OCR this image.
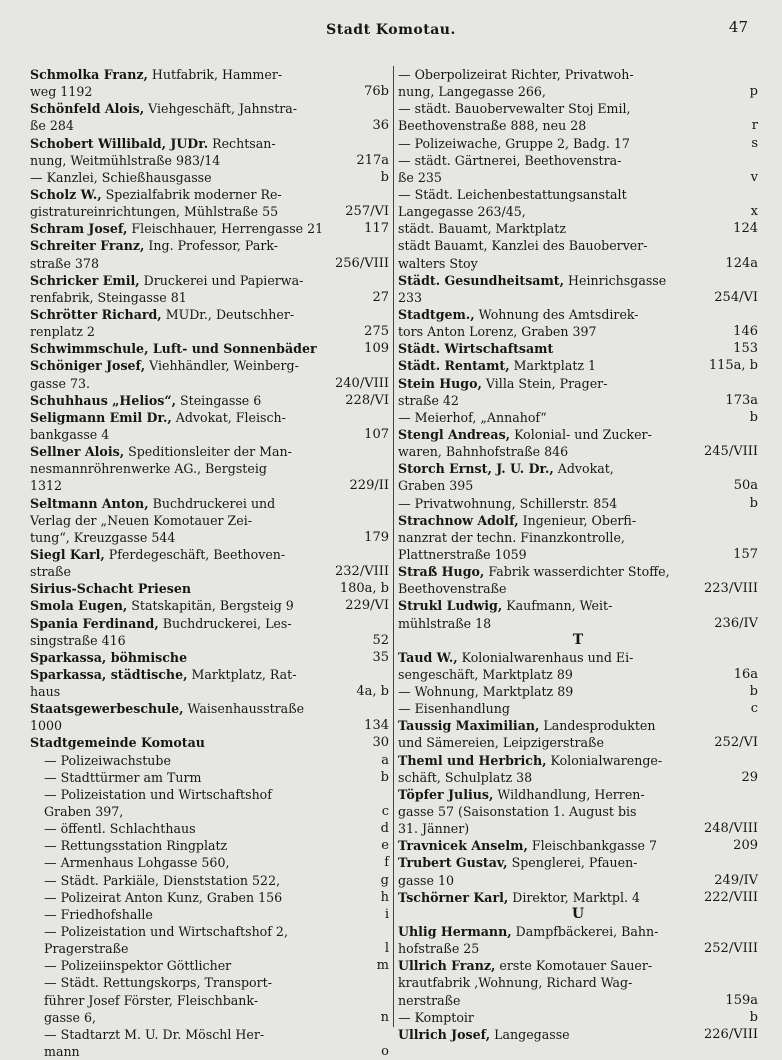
Stadt Komotau.	47
Schmolka Franz, Hutfabrik, Hammer-
weg 1192	76b
Schönfeld Alois, Viehgeschäft, Jahnstra-
ße 284	36
Schobert Willibald, JUDr. Rechtsan-
nung, Weitmühlstraße 983/14	217a
— Kanzlei, Schießhausgasse	b
Scholz W., Spezialfabrik moderner Re-
gistratureinrichtungen, Mühlstraße 55	257/VI
Schram Josef, Fleischhauer, Herrengasse 21	117
Schreiter Franz, Ing. Professor, Park-
straße 378	256/VIII
Schricker Emil, Druckerei und Papierwa-
renfabrik, Steingasse 81	27
Schrötter Richard, MUDr., Deutschher-
renplatz 2	275
Schwimmschule, Luft- und Sonnenbäder	109
Schöniger Josef, Viehhändler, Weinberg-
gasse 73.	240/VIII
Schuhhaus „Helios“, Steingasse 6	228/VI
Seligmann Emil Dr., Advokat, Fleisch-
bankgasse 4	107
Sellner Alois, Speditionsleiter der Man-
nesmannröhrenwerke AG., Bergsteig
1312	229/II
Seltmann Anton, Buchdruckerei und
Verlag der „Neuen Komotauer Zei-
tung“, Kreuzgasse 544	179
Siegl Karl, Pferdegeschäft, Beethoven-
straße	232/VIII
Sirius-Schacht Priesen	180a, b
Smola Eugen, Statskapitän, Bergsteig 9	229/VI
Spania Ferdinand, Buchdruckerei, Les-
singstraße 416	52
Sparkassa, böhmische	35
Sparkassa, städtische, Marktplatz, Rat-
haus	4a, b
Staatsgewerbeschule, Waisenhausstraße
1000	134
Stadtgemeinde Komotau	30
— Polizeiwachstube	a
— Stadttürmer am Turm	b
— Polizeistation und Wirtschaftshof
Graben 397,	c
— öffentl. Schlachthaus	d
— Rettungsstation Ringplatz	e
— Armenhaus Lohgasse 560,	f
— Städt. Parkiäle, Dienststation 522,	g
— Polizeirat Anton Kunz, Graben 156	h
— Friedhofshalle	i
— Polizeistation und Wirtschaftshof 2,
Pragerstraße	l
— Polizeiinspektor Göttlicher	m
— Städt. Rettungskorps, Transport-
führer Josef Förster, Fleischbank-
gasse 6,	n
— Stadtarzt M. U. Dr. Möschl Her-
mann	o
— Oberpolizeirat Richter, Privatwoh-
nung, Langegasse 266,	p
— städt. Bauobervewalter Stoj Emil,
Beethovenstraße 888, neu 28	r
— Polizeiwache, Gruppe 2, Badg. 17	s
— städt. Gärtnerei, Beethovenstra-
ße 235	v
— Städt. Leichenbestattungsanstalt
Langegasse 263/45,	x
städt. Bauamt, Marktplatz	124
städt Bauamt, Kanzlei des Bauoberver-
walters Stoy	124a
Städt. Gesundheitsamt, Heinrichsgasse
233	254/VI
Stadtgem., Wohnung des Amtsdirek-
tors Anton Lorenz, Graben 397	146
Städt. Wirtschaftsamt	153
Städt. Rentamt, Marktplatz 1	115a, b
Stein Hugo, Villa Stein, Prager-
straße 42	173a
— Meierhof, „Annahof“	b
Stengl Andreas, Kolonial- und Zucker-
waren, Bahnhofstraße 846	245/VIII
Storch Ernst, J. U. Dr., Advokat,
Graben 395	50a
— Privatwohnung, Schillerstr. 854	b
Strachnow Adolf, Ingenieur, Oberfi-
nanzrat der techn. Finanzkontrolle,
Plattnerstraße 1059	157
Straß Hugo, Fabrik wasserdichter Stoffe,
Beethovenstraße	223/VIII
Strukl Ludwig, Kaufmann, Weit-
mühlstraße 18	236/IV
T
Taud W., Kolonialwarenhaus und Ei-
sengeschäft, Marktplatz 89	16a
— Wohnung, Marktplatz 89	b
— Eisenhandlung	c
Taussig Maximilian, Landesprodukten
und Sämereien, Leipzigerstraße	252/VI
Theml und Herbrich, Kolonialwarenge-
schäft, Schulplatz 38	29
Töpfer Julius, Wildhandlung, Herren-
gasse 57 (Saisonstation 1. August bis
31. Jänner)	248/VIII
Travnicek Anselm, Fleischbankgasse 7	209
Trubert Gustav, Spenglerei, Pfauen-
gasse 10	249/IV
Tschörner Karl, Direktor, Marktpl. 4	222/VIII
U
Uhlig Hermann, Dampfbäckerei, Bahn-
hofstraße 25	252/VIII
Ullrich Franz, erste Komotauer Sauer-
krautfabrik ,Wohnung, Richard Wag-
nerstraße	159a
— Komptoir	b
Ullrich Josef, Langegasse	226/VIII
